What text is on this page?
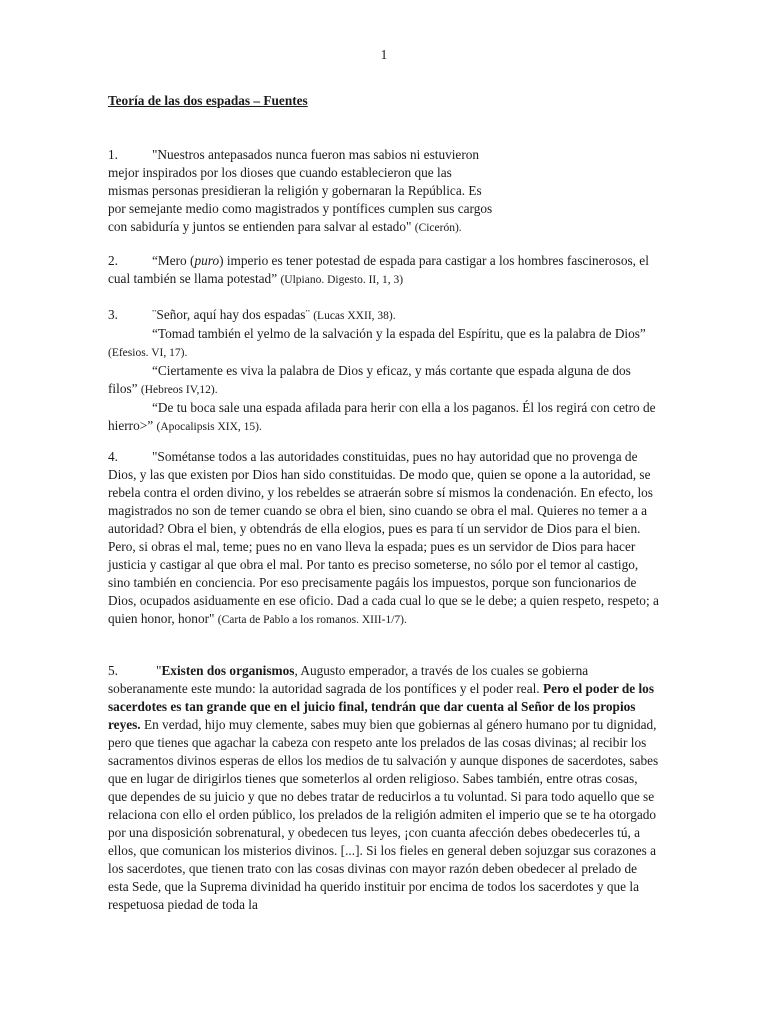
1
Teoría de las dos espadas – Fuentes

1.	"Nuestros antepasados nunca fueron mas sabios ni estuvieron

mejor inspirados por los dioses que cuando establecieron que las

mismas personas presidieran la religión y gobernaran la República. Es

por semejante medio como magistrados y pontífices cumplen sus cargos

con sabiduría y juntos se entienden para salvar al estado" (Cicerón).

2.	“Mero (puro) imperio es tener potestad de espada para castigar a los hombres fascinerosos, el cual también se llama potestad” (Ulpiano. Digesto. II, 1, 3)

3.	¨Señor, aquí hay dos espadas¨ (Lucas XXII, 38).

“Tomad también el yelmo de la salvación y la espada del Espíritu, que es la palabra de Dios” (Efesios. VI, 17).

“Ciertamente es viva la palabra de Dios y eficaz, y más cortante que espada alguna de dos filos” (Hebreos IV,12).

“De tu boca sale una espada afilada para herir con ella a los paganos. Él los regirá con cetro de hierro>” (Apocalipsis XIX, 15).

4.	"Sométanse todos a las autoridades constituidas, pues no hay autoridad que no provenga de Dios, y las que existen por Dios han sido constituidas. De modo que, quien se opone a la autoridad, se rebela contra el orden divino, y los rebeldes se atraerán sobre sí mismos la condenación. En efecto, los magistrados no son de temer cuando se obra el bien, sino cuando se obra el mal. Quieres no temer a a autoridad? Obra el bien, y obtendrás de ella elogios, pues es para tí un servidor de Dios para el bien. Pero, si obras el mal, teme; pues no en vano lleva la espada; pues es un servidor de Dios para hacer justicia y castigar al que obra el mal. Por tanto es preciso someterse, no sólo por el temor al castigo, sino también en conciencia. Por eso precisamente pagáis los impuestos, porque son funcionarios de Dios, ocupados asiduamente en ese oficio. Dad a cada cual lo que se le debe; a quien respeto, respeto; a quien honor, honor" (Carta de Pablo a los romanos. XIII-1/7).

5.	"Existen dos organismos, Augusto emperador, a través de los cuales se gobierna soberanamente este mundo: la autoridad sagrada de los pontífices y el poder real. Pero el poder de los sacerdotes es tan grande que en el juicio final, tendrán que dar cuenta al Señor de los propios reyes. En verdad, hijo muy clemente, sabes muy bien que gobiernas al género humano por tu dignidad, pero que tienes que agachar la cabeza con respeto ante los prelados de las cosas divinas; al recibir los sacramentos divinos esperas de ellos los medios de tu salvación y aunque dispones de sacerdotes, sabes que en lugar de dirigirlos tienes que someterlos al orden religioso. Sabes también, entre otras cosas, que dependes de su juicio y que no debes tratar de reducirlos a tu voluntad. Si para todo aquello que se relaciona con ello el orden público, los prelados de la religión admiten el imperio que se te ha otorgado por una disposición sobrenatural, y obedecen tus leyes, ¡con cuanta afección debes obedecerles tú, a ellos, que comunican los misterios divinos. [...]. Si los fieles en general deben sojuzgar sus corazones a los sacerdotes, que tienen trato con las cosas divinas con mayor razón deben obedecer al prelado de esta Sede, que la Suprema divinidad ha querido instituir por encima de todos los sacerdotes y que la respetuosa piedad de toda la
